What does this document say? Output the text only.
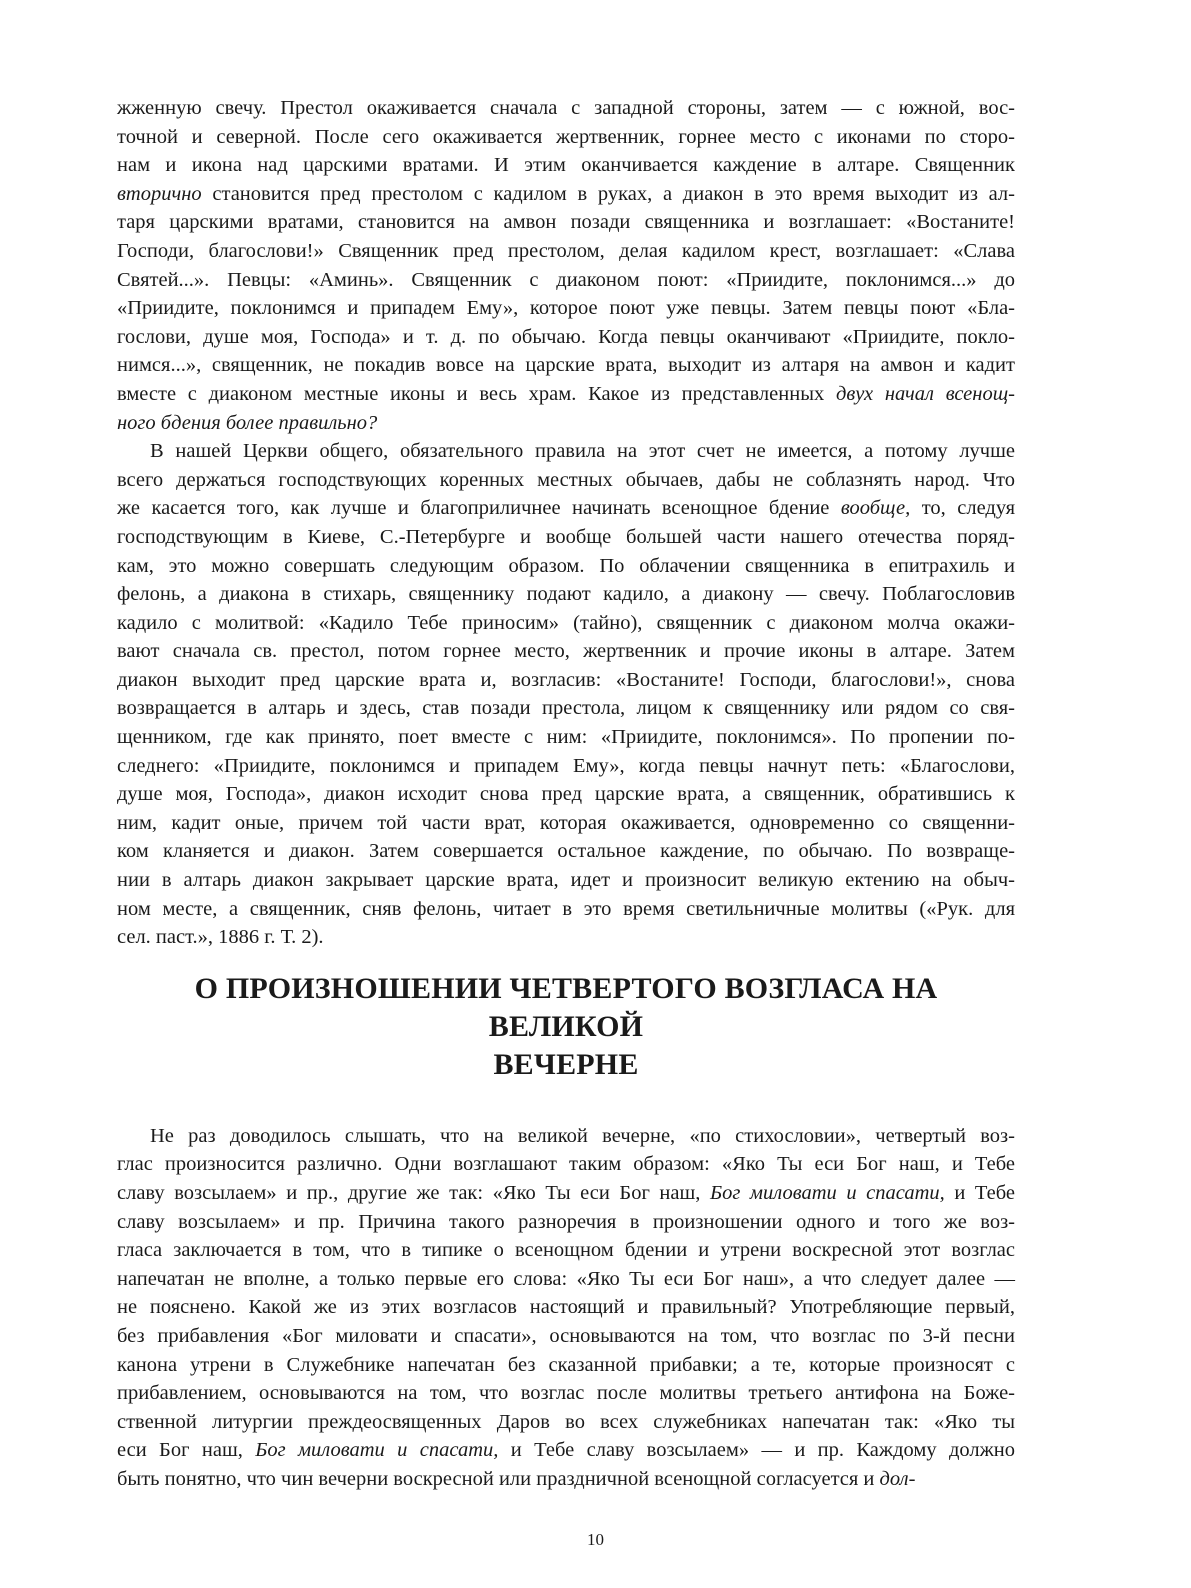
жженную свечу. Престол окаживается сначала с западной стороны, затем — с южной, вос-
точной и северной. После сего окаживается жертвенник, горнее место с иконами по сторо-
нам и икона над царскими вратами. И этим оканчивается каждение в алтаре. Священник
вторично становится пред престолом с кадилом в руках, а диакон в это время выходит из ал-
таря царскими вратами, становится на амвон позади священника и возглашает: «Востаните!
Господи, благослови!» Священник пред престолом, делая кадилом крест, возглашает: «Слава
Святей...». Певцы: «Аминь». Священник с диаконом поют: «Приидите, поклонимся...» до
«Приидите, поклонимся и припадем Ему», которое поют уже певцы. Затем певцы поют «Бла-
гослови, душе моя, Господа» и т. д. по обычаю. Когда певцы оканчивают «Приидите, покло-
нимся...», священник, не покадив вовсе на царские врата, выходит из алтаря на амвон и кадит
вместе с диаконом местные иконы и весь храм. Какое из представленных двух начал всенощ-
ного бдения более правильно?
В нашей Церкви общего, обязательного правила на этот счет не имеется, а потому лучше
всего держаться господствующих коренных местных обычаев, дабы не соблазнять народ. Что
же касается того, как лучше и благоприличнее начинать всенощное бдение вообще, то, следуя
господствующим в Киеве, С.-Петербурге и вообще большей части нашего отечества поряд-
кам, это можно совершать следующим образом. По облачении священника в епитрахиль и
фелонь, а диакона в стихарь, священнику подают кадило, а диакону — свечу. Поблагословив
кадило с молитвой: «Кадило Тебе приносим» (тайно), священник с диаконом молча окажи-
вают сначала св. престол, потом горнее место, жертвенник и прочие иконы в алтаре. Затем
диакон выходит пред царские врата и, возгласив: «Востаните! Господи, благослови!», снова
возвращается в алтарь и здесь, став позади престола, лицом к священнику или рядом со свя-
щенником, где как принято, поет вместе с ним: «Приидите, поклонимся». По пропении по-
следнего: «Приидите, поклонимся и припадем Ему», когда певцы начнут петь: «Благослови,
душе моя, Господа», диакон исходит снова пред царские врата, а священник, обратившись к
ним, кадит оные, причем той части врат, которая окаживается, одновременно со священни-
ком кланяется и диакон. Затем совершается остальное каждение, по обычаю. По возвраще-
нии в алтарь диакон закрывает царские врата, идет и произносит великую ектению на обыч-
ном месте, а священник, сняв фелонь, читает в это время светильничные молитвы («Рук. для
сел. паст.», 1886 г. Т. 2).
О ПРОИЗНОШЕНИИ ЧЕТВЕРТОГО ВОЗГЛАСА НА ВЕЛИКОЙ
ВЕЧЕРНЕ
Не раз доводилось слышать, что на великой вечерне, «по стихословии», четвертый воз-
глас произносится различно. Одни возглашают таким образом: «Яко Ты еси Бог наш, и Тебе
славу возсылаем» и пр., другие же так: «Яко Ты еси Бог наш, Бог миловати и спасати, и Тебе
славу возсылаем» и пр. Причина такого разноречия в произношении одного и того же воз-
гласа заключается в том, что в типике о всенощном бдении и утрени воскресной этот возглас
напечатан не вполне, а только первые его слова: «Яко Ты еси Бог наш», а что следует далее —
не пояснено. Какой же из этих возгласов настоящий и правильный? Употребляющие первый,
без прибавления «Бог миловати и спасати», основываются на том, что возглас по 3-й песни
канона утрени в Служебнике напечатан без сказанной прибавки; а те, которые произносят с
прибавлением, основываются на том, что возглас после молитвы третьего антифона на Боже-
ственной литургии преждеосвященных Даров во всех служебниках напечатан так: «Яко ты
еси Бог наш, Бог миловати и спасати, и Тебе славу возсылаем» — и пр. Каждому должно
быть понятно, что чин вечерни воскресной или праздничной всенощной согласуется и дол-
10
